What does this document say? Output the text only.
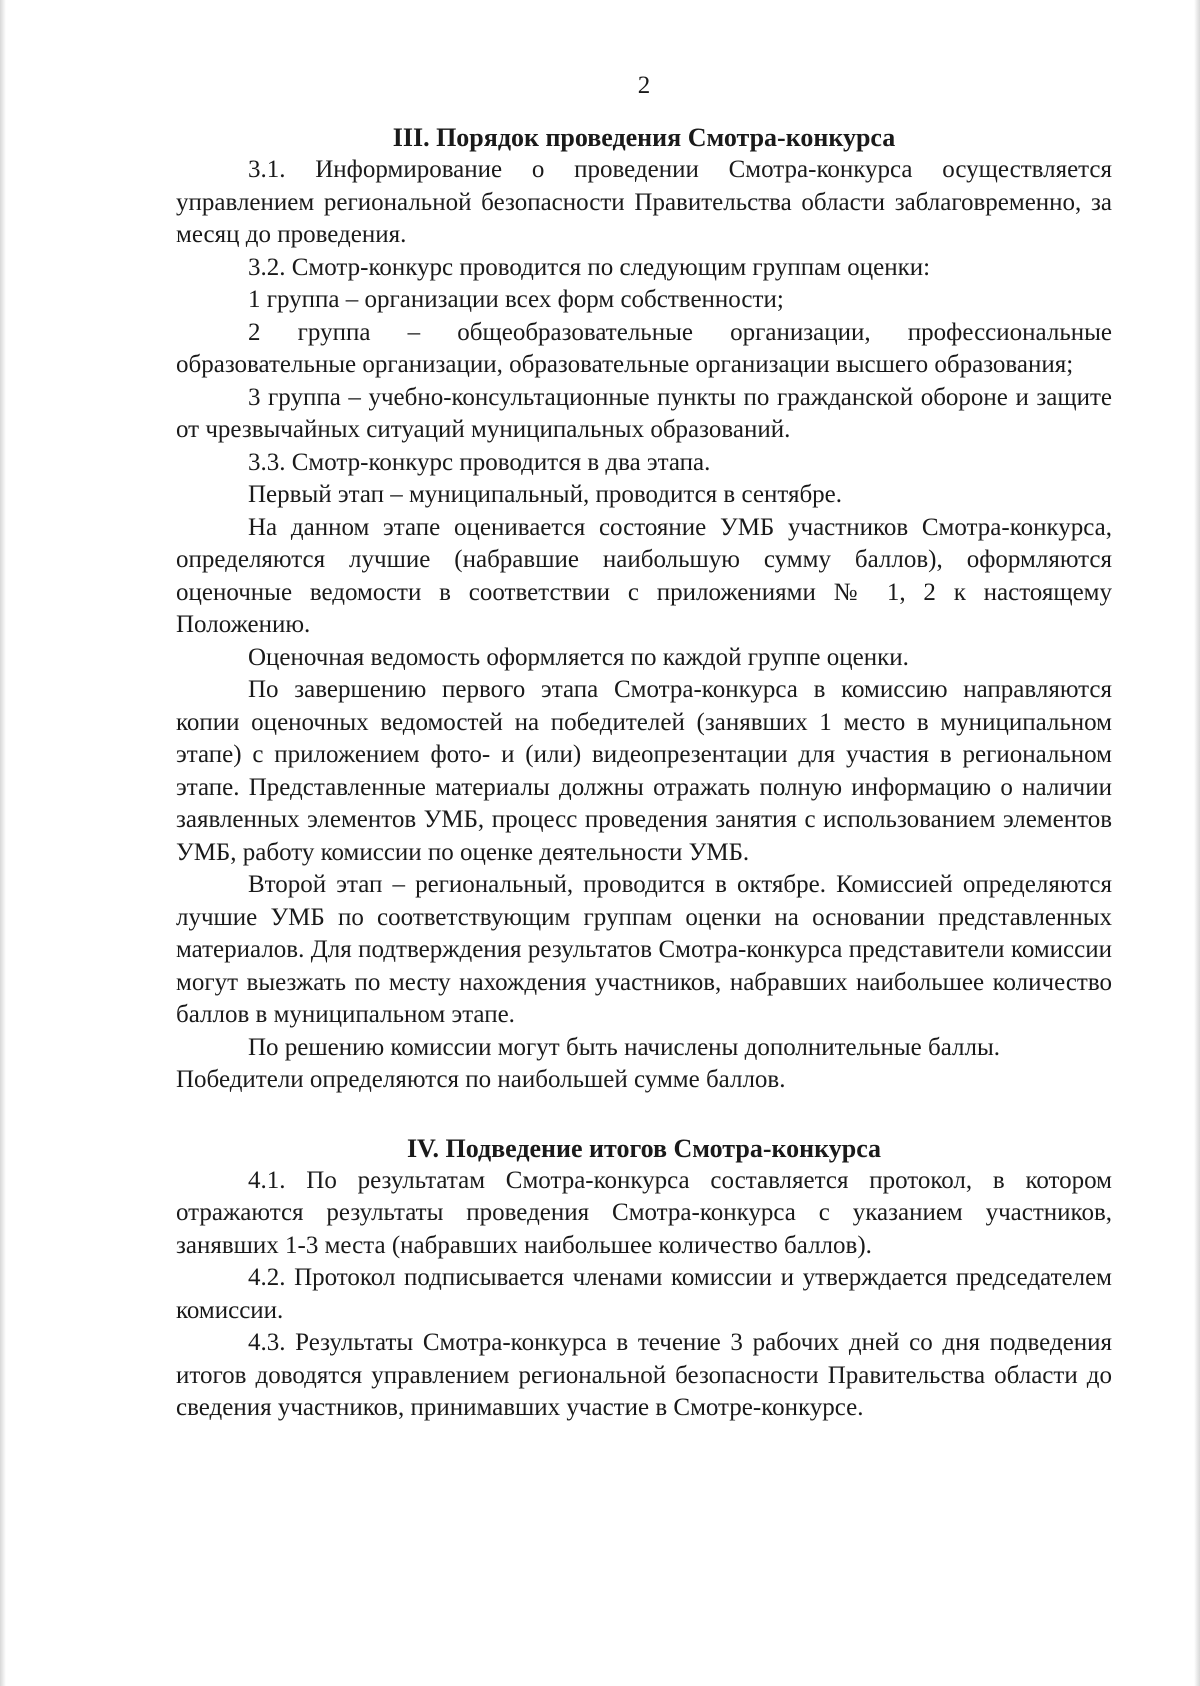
2
III. Порядок проведения Смотра-конкурса

3.1. Информирование о проведении Смотра-конкурса осуществляется управлением региональной безопасности Правительства области заблаговременно, за месяц до проведения.

3.2. Смотр-конкурс проводится по следующим группам оценки:

1 группа – организации всех форм собственности;

2 группа – общеобразовательные организации, профессиональные образовательные организации, образовательные организации высшего образования;

3 группа – учебно-консультационные пункты по гражданской обороне и защите от чрезвычайных ситуаций муниципальных образований.

3.3. Смотр-конкурс проводится в два этапа.

Первый этап – муниципальный, проводится в сентябре.

На данном этапе оценивается состояние УМБ участников Смотра-конкурса, определяются лучшие (набравшие наибольшую сумму баллов), оформляются оценочные ведомости в соответствии с приложениями № 1, 2 к настоящему Положению.

Оценочная ведомость оформляется по каждой группе оценки.

По завершению первого этапа Смотра-конкурса в комиссию направляются копии оценочных ведомостей на победителей (занявших 1 место в муниципальном этапе) с приложением фото- и (или) видеопрезентации для участия в региональном этапе. Представленные материалы должны отражать полную информацию о наличии заявленных элементов УМБ, процесс проведения занятия с использованием элементов УМБ, работу комиссии по оценке деятельности УМБ.

Второй этап – региональный, проводится в октябре. Комиссией определяются лучшие УМБ по соответствующим группам оценки на основании представленных материалов. Для подтверждения результатов Смотра-конкурса представители комиссии могут выезжать по месту нахождения участников, набравших наибольшее количество баллов в муниципальном этапе.

По решению комиссии могут быть начислены дополнительные баллы.

Победители определяются по наибольшей сумме баллов.

IV. Подведение итогов Смотра-конкурса

4.1. По результатам Смотра-конкурса составляется протокол, в котором отражаются результаты проведения Смотра-конкурса с указанием участников, занявших 1-3 места (набравших наибольшее количество баллов).

4.2. Протокол подписывается членами комиссии и утверждается председателем комиссии.

4.3. Результаты Смотра-конкурса в течение 3 рабочих дней со дня подведения итогов доводятся управлением региональной безопасности Правительства области до сведения участников, принимавших участие в Смотре-конкурсе.
